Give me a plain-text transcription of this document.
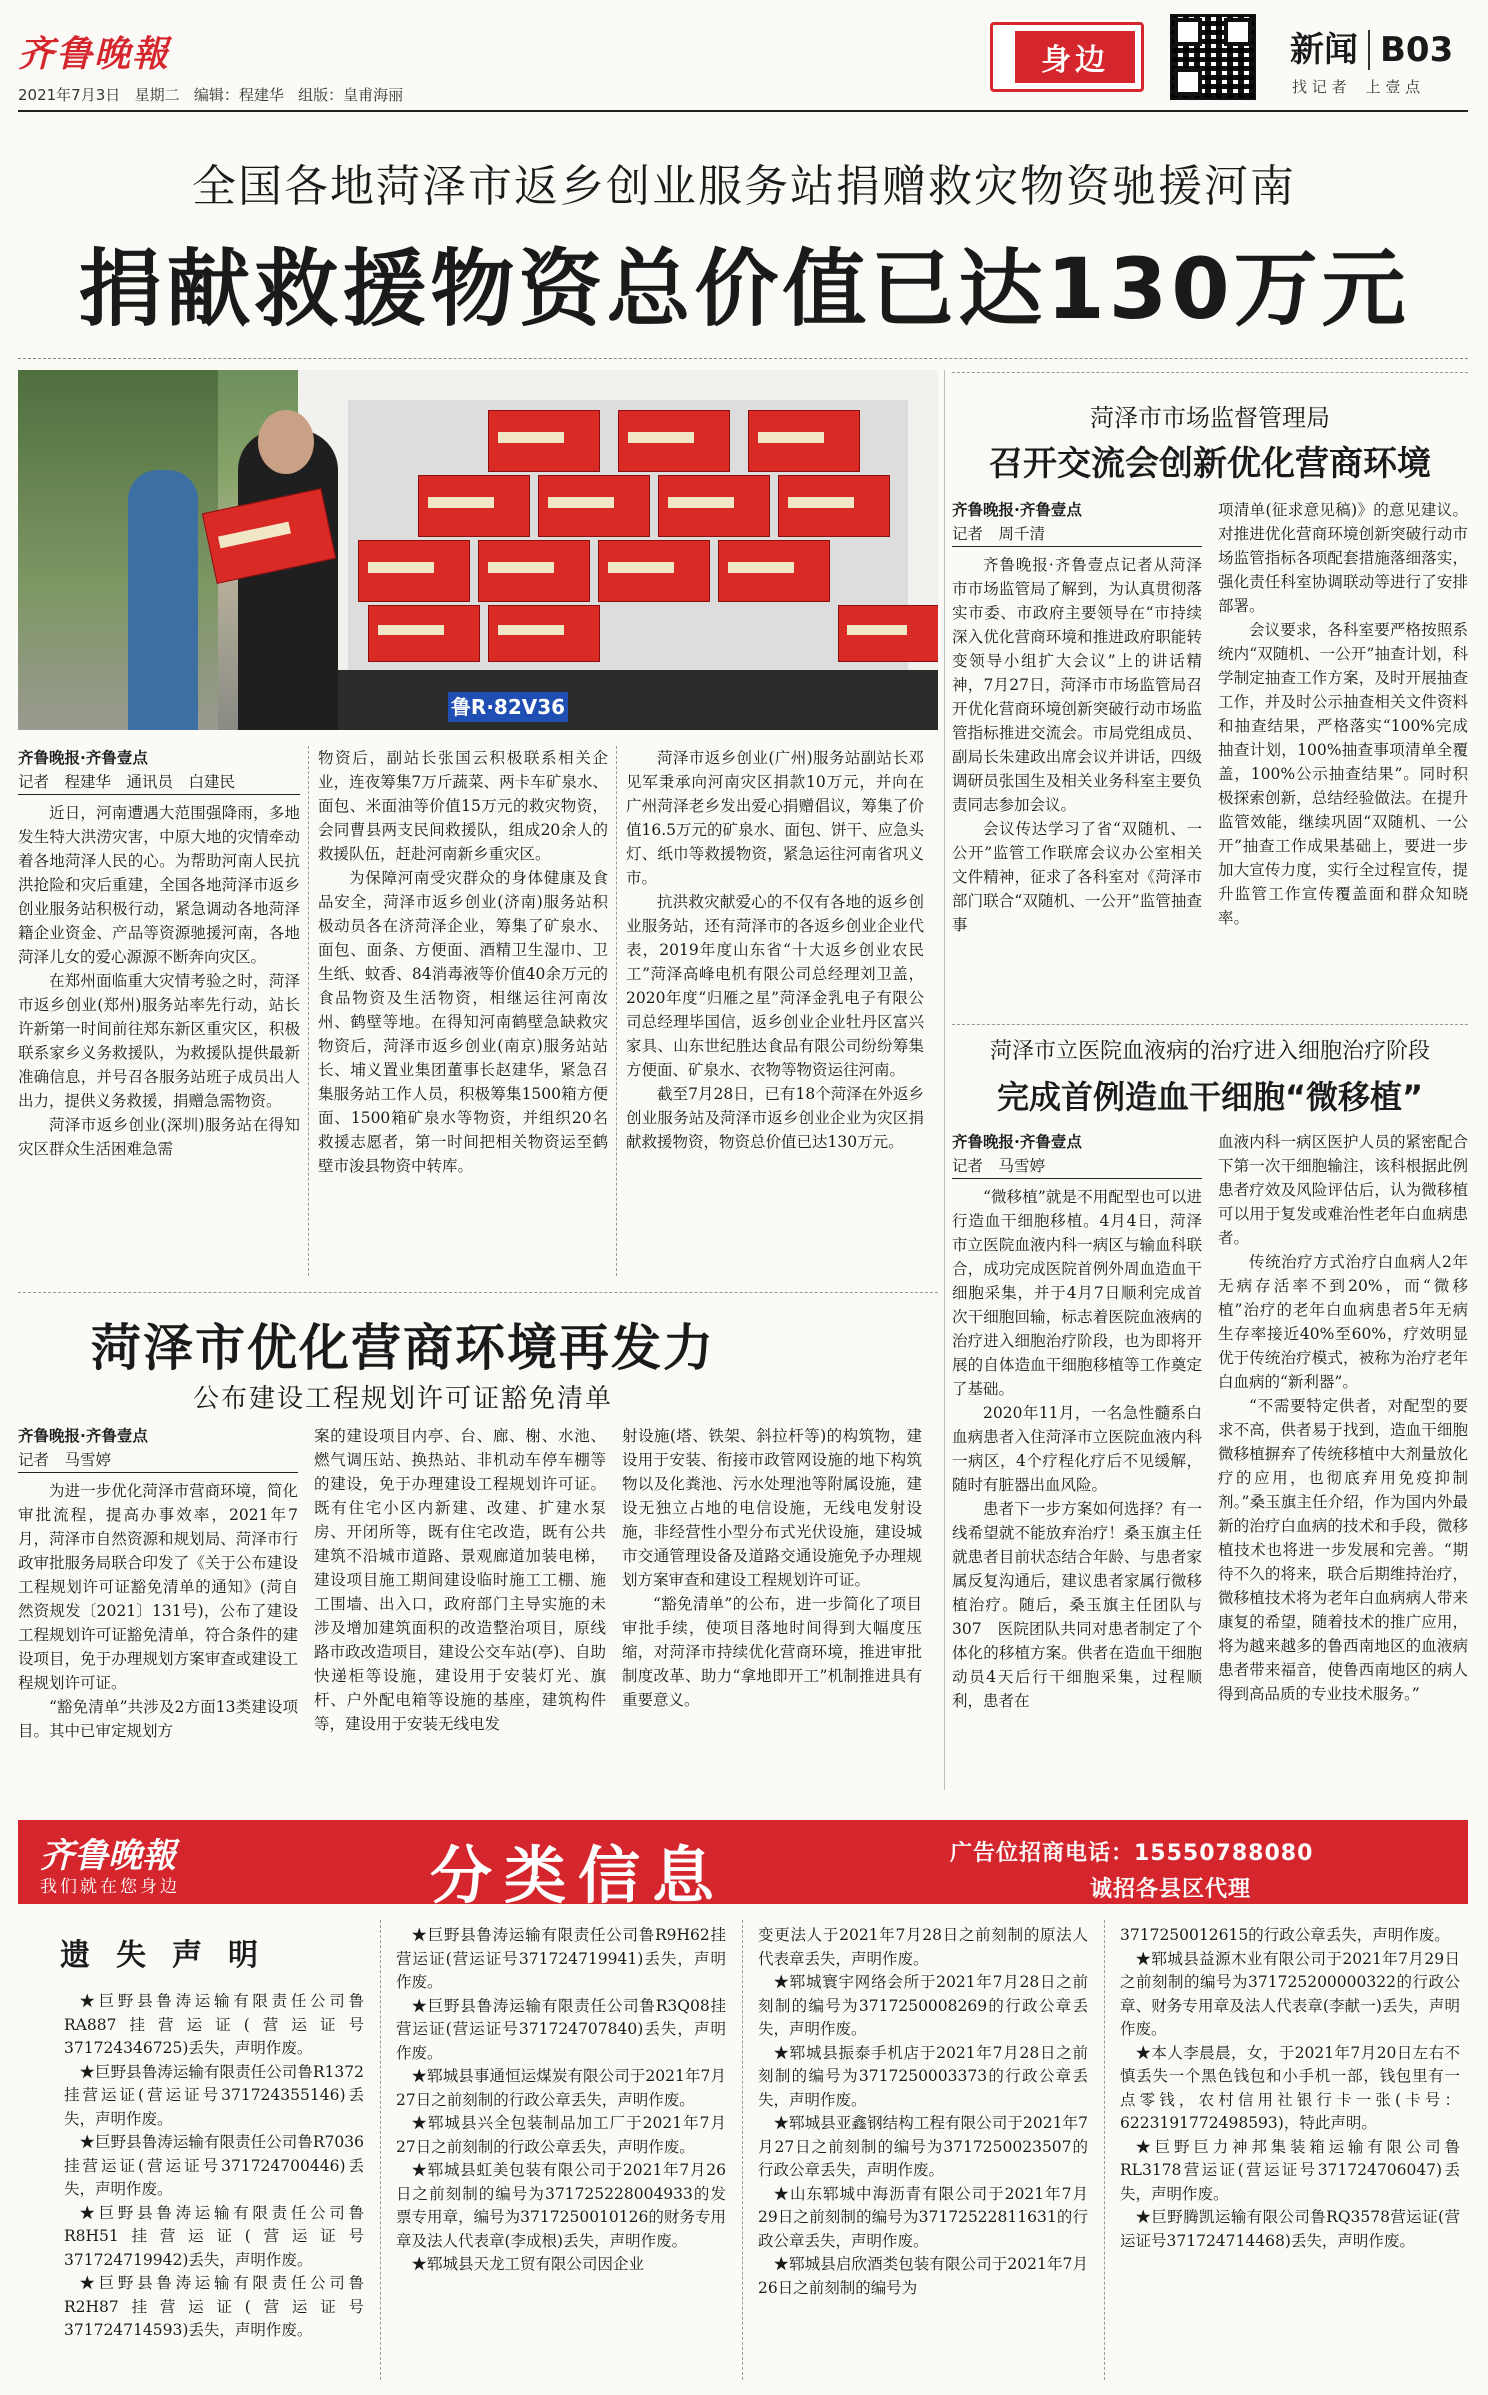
齐鲁晚報
2021年7月3日   星期二   编辑：程建华   组版：皇甫海丽
身边	新闻 B03
找 记 者    上 壹 点
全国各地菏泽市返乡创业服务站捐赠救灾物资驰援河南
捐献救援物资总价值已达130万元
鲁R·82V36
齐鲁晚报·齐鲁壹点
记者　程建华　通讯员　白建民

近日，河南遭遇大范围强降雨，多地发生特大洪涝灾害，中原大地的灾情牵动着各地菏泽人民的心。为帮助河南人民抗洪抢险和灾后重建，全国各地菏泽市返乡创业服务站积极行动，紧急调动各地菏泽籍企业资金、产品等资源驰援河南，各地菏泽儿女的爱心源源不断奔向灾区。

在郑州面临重大灾情考验之时，菏泽市返乡创业(郑州)服务站率先行动，站长许新第一时间前往郑东新区重灾区，积极联系家乡义务救援队，为救援队提供最新准确信息，并号召各服务站班子成员出人出力，提供义务救援，捐赠急需物资。

菏泽市返乡创业(深圳)服务站在得知灾区群众生活困难急需

物资后，副站长张国云积极联系相关企业，连夜筹集7万斤蔬菜、两卡车矿泉水、面包、米面油等价值15万元的救灾物资，会同曹县两支民间救援队，组成20余人的救援队伍，赶赴河南新乡重灾区。

为保障河南受灾群众的身体健康及食品安全，菏泽市返乡创业(济南)服务站积极动员各在济菏泽企业，筹集了矿泉水、面包、面条、方便面、酒精卫生湿巾、卫生纸、蚊香、84消毒液等价值40余万元的食品物资及生活物资，相继运往河南汝州、鹤壁等地。在得知河南鹤壁急缺救灾物资后，菏泽市返乡创业(南京)服务站站长、埔义置业集团董事长赵建华，紧急召集服务站工作人员，积极筹集1500箱方便面、1500箱矿泉水等物资，并组织20名救援志愿者，第一时间把相关物资运至鹤壁市浚县物资中转库。

菏泽市返乡创业(广州)服务站副站长邓见军秉承向河南灾区捐款10万元，并向在广州菏泽老乡发出爱心捐赠倡议，筹集了价值16.5万元的矿泉水、面包、饼干、应急头灯、纸巾等救援物资，紧急运往河南省巩义市。

抗洪救灾献爱心的不仅有各地的返乡创业服务站，还有菏泽市的各返乡创业企业代表，2019年度山东省“十大返乡创业农民工”菏泽高峰电机有限公司总经理刘卫盖，2020年度“归雁之星”菏泽金乳电子有限公司总经理毕国信，返乡创业企业牡丹区富兴家具、山东世纪胜达食品有限公司纷纷筹集方便面、矿泉水、衣物等物资运往河南。

截至7月28日，已有18个菏泽在外返乡创业服务站及菏泽市返乡创业企业为灾区捐献救援物资，物资总价值已达130万元。

菏泽市市场监督管理局
召开交流会创新优化营商环境
齐鲁晚报·齐鲁壹点
记者　周千清

齐鲁晚报·齐鲁壹点记者从菏泽市市场监管局了解到，为认真贯彻落实市委、市政府主要领导在“市持续深入优化营商环境和推进政府职能转变领导小组扩大会议”上的讲话精神，7月27日，菏泽市市场监管局召开优化营商环境创新突破行动市场监管指标推进交流会。市局党组成员、副局长朱建政出席会议并讲话，四级调研员张国生及相关业务科室主要负责同志参加会议。

会议传达学习了省“双随机、一公开”监管工作联席会议办公室相关文件精神，征求了各科室对《菏泽市部门联合“双随机、一公开”监管抽查事

项清单(征求意见稿)》的意见建议。对推进优化营商环境创新突破行动市场监管指标各项配套措施落细落实，强化责任科室协调联动等进行了安排部署。

会议要求，各科室要严格按照系统内“双随机、一公开”抽查计划，科学制定抽查工作方案，及时开展抽查工作，并及时公示抽查相关文件资料和抽查结果，严格落实“100%完成抽查计划，100%抽查事项清单全覆盖，100%公示抽查结果”。同时积极探索创新，总结经验做法。在提升监管效能，继续巩固“双随机、一公开”抽查工作成果基础上，要进一步加大宣传力度，实行全过程宣传，提升监管工作宣传覆盖面和群众知晓率。

菏泽市立医院血液病的治疗进入细胞治疗阶段
完成首例造血干细胞“微移植”
齐鲁晚报·齐鲁壹点
记者　马雪婷

“微移植”就是不用配型也可以进行造血干细胞移植。4月4日，菏泽市立医院血液内科一病区与输血科联合，成功完成医院首例外周血造血干细胞采集，并于4月7日顺利完成首次干细胞回输，标志着医院血液病的治疗进入细胞治疗阶段，也为即将开展的自体造血干细胞移植等工作奠定了基础。

2020年11月，一名急性髓系白血病患者入住菏泽市立医院血液内科一病区，4个疗程化疗后不见缓解，随时有脏器出血风险。

患者下一步方案如何选择？有一线希望就不能放弃治疗！桑玉旗主任就患者目前状态结合年龄、与患者家属反复沟通后，建议患者家属行微移植治疗。随后，桑玉旗主任团队与307　医院团队共同对患者制定了个体化的移植方案。供者在造血干细胞动员4天后行干细胞采集，过程顺利，患者在

血液内科一病区医护人员的紧密配合下第一次干细胞输注，该科根据此例患者疗效及风险评估后，认为微移植可以用于复发或难治性老年白血病患者。

传统治疗方式治疗白血病人2年无病存活率不到20%，而“微移植”治疗的老年白血病患者5年无病生存率接近40%至60%，疗效明显优于传统治疗模式，被称为治疗老年白血病的“新利器”。

“不需要特定供者，对配型的要求不高，供者易于找到，造血干细胞微移植摒弃了传统移植中大剂量放化疗的应用，也彻底弃用免疫抑制剂。”桑玉旗主任介绍，作为国内外最新的治疗白血病的技术和手段，微移植技术也将进一步发展和完善。“期待不久的将来，联合后期维持治疗，微移植技术将为老年白血病病人带来康复的希望，随着技术的推广应用，将为越来越多的鲁西南地区的血液病患者带来福音，使鲁西南地区的病人得到高品质的专业技术服务。”

菏泽市优化营商环境再发力
公布建设工程规划许可证豁免清单
齐鲁晚报·齐鲁壹点
记者　马雪婷

为进一步优化菏泽市营商环境，简化审批流程，提高办事效率，2021年7月，菏泽市自然资源和规划局、菏泽市行政审批服务局联合印发了《关于公布建设工程规划许可证豁免清单的通知》(菏自然资规发〔2021〕131号)，公布了建设工程规划许可证豁免清单，符合条件的建设项目，免于办理规划方案审查或建设工程规划许可证。

“豁免清单”共涉及2方面13类建设项目。其中已审定规划方

案的建设项目内亭、台、廊、榭、水池、燃气调压站、换热站、非机动车停车棚等的建设，免于办理建设工程规划许可证。既有住宅小区内新建、改建、扩建水泵房、开闭所等，既有住宅改造，既有公共建筑不沿城市道路、景观廊道加装电梯，建设项目施工期间建设临时施工工棚、施工围墙、出入口，政府部门主导实施的未涉及增加建筑面积的改造整治项目，原线路市政改造项目，建设公交车站(亭)、自助快递柜等设施，建设用于安装灯光、旗杆、户外配电箱等设施的基座，建筑构件等，建设用于安装无线电发

射设施(塔、铁架、斜拉杆等)的构筑物，建设用于安装、衔接市政管网设施的地下构筑物以及化粪池、污水处理池等附属设施，建设无独立占地的电信设施，无线电发射设施，非经营性小型分布式光伏设施，建设城市交通管理设备及道路交通设施免予办理规划方案审查和建设工程规划许可证。

“豁免清单”的公布，进一步简化了项目审批手续，使项目落地时间得到大幅度压缩，对菏泽市持续优化营商环境，推进审批制度改革、助力“拿地即开工”机制推进具有重要意义。

齐鲁晚報
我们就在您身边	分类信息	广告位招商电话：15550788080
诚招各县区代理
遗失声明

★巨野县鲁涛运输有限责任公司鲁RA887挂营运证(营运证号371724346725)丢失，声明作废。

★巨野县鲁涛运输有限责任公司鲁R1372挂营运证(营运证号371724355146)丢失，声明作废。

★巨野县鲁涛运输有限责任公司鲁R7036挂营运证(营运证号371724700446)丢失，声明作废。

★巨野县鲁涛运输有限责任公司鲁R8H51挂营运证(营运证号371724719942)丢失，声明作废。

★巨野县鲁涛运输有限责任公司鲁R2H87挂营运证(营运证号371724714593)丢失，声明作废。

★巨野县鲁涛运输有限责任公司鲁R9H62挂营运证(营运证号371724719941)丢失，声明作废。

★巨野县鲁涛运输有限责任公司鲁R3Q08挂营运证(营运证号371724707840)丢失，声明作废。

★郓城县事通恒运煤炭有限公司于2021年7月27日之前刻制的行政公章丢失，声明作废。

★郓城县兴全包装制品加工厂于2021年7月27日之前刻制的行政公章丢失，声明作废。

★郓城县虹美包装有限公司于2021年7月26日之前刻制的编号为371725228004933的发票专用章，编号为371725001012​6的财务专用章及法人代表章(李成根)丢失，声明作废。

★郓城县天龙工贸有限公司因企业

变更法人于2021年7月28日之前刻制的原法人代表章丢失，声明作废。

★郓城寰宇网络会所于2021年7月28日之前刻制的编号为371725000​8269的行政公章丢失，声明作废。

★郓城县振泰手机店于2021年7月28日之前刻制的编号为3717250003373的行政公章丢失，声明作废。

★郓城县亚鑫钢结构工程有限公司于2021年7月27日之前刻制的编号为3717250023507的行政公章丢失，声明作废。

★山东郓城中海沥青有限公司于2021年7月29日之前刻制的编号为3717252281163​1的行政公章丢失，声明作废。

★郓城县启欣酒类包装有限公司于2021年7月26日之前刻制的编号为

3717250012615的行政公章丢失，声明作废。

★郓城县益源木业有限公司于2021年7月29日之前刻制的编号为3717252000​00322的行政公章、财务专用章及法人代表章(李献一)丢失，声明作废。

★本人李晨晨，女，于2021年7月20日左右不慎丢失一个黑色钱包和小手机一部，钱包里有一点零钱，农村信用社银行卡一张(卡号：6223191772498593)，特此声明。

★巨野巨力神邦集装箱运输有限公司鲁RL3178营运证(营运证号371724706047)丢失，声明作废。

★巨野腾凯运输有限公司鲁RQ3578营运证(营运证号371724714468)丢失，声明作废。
